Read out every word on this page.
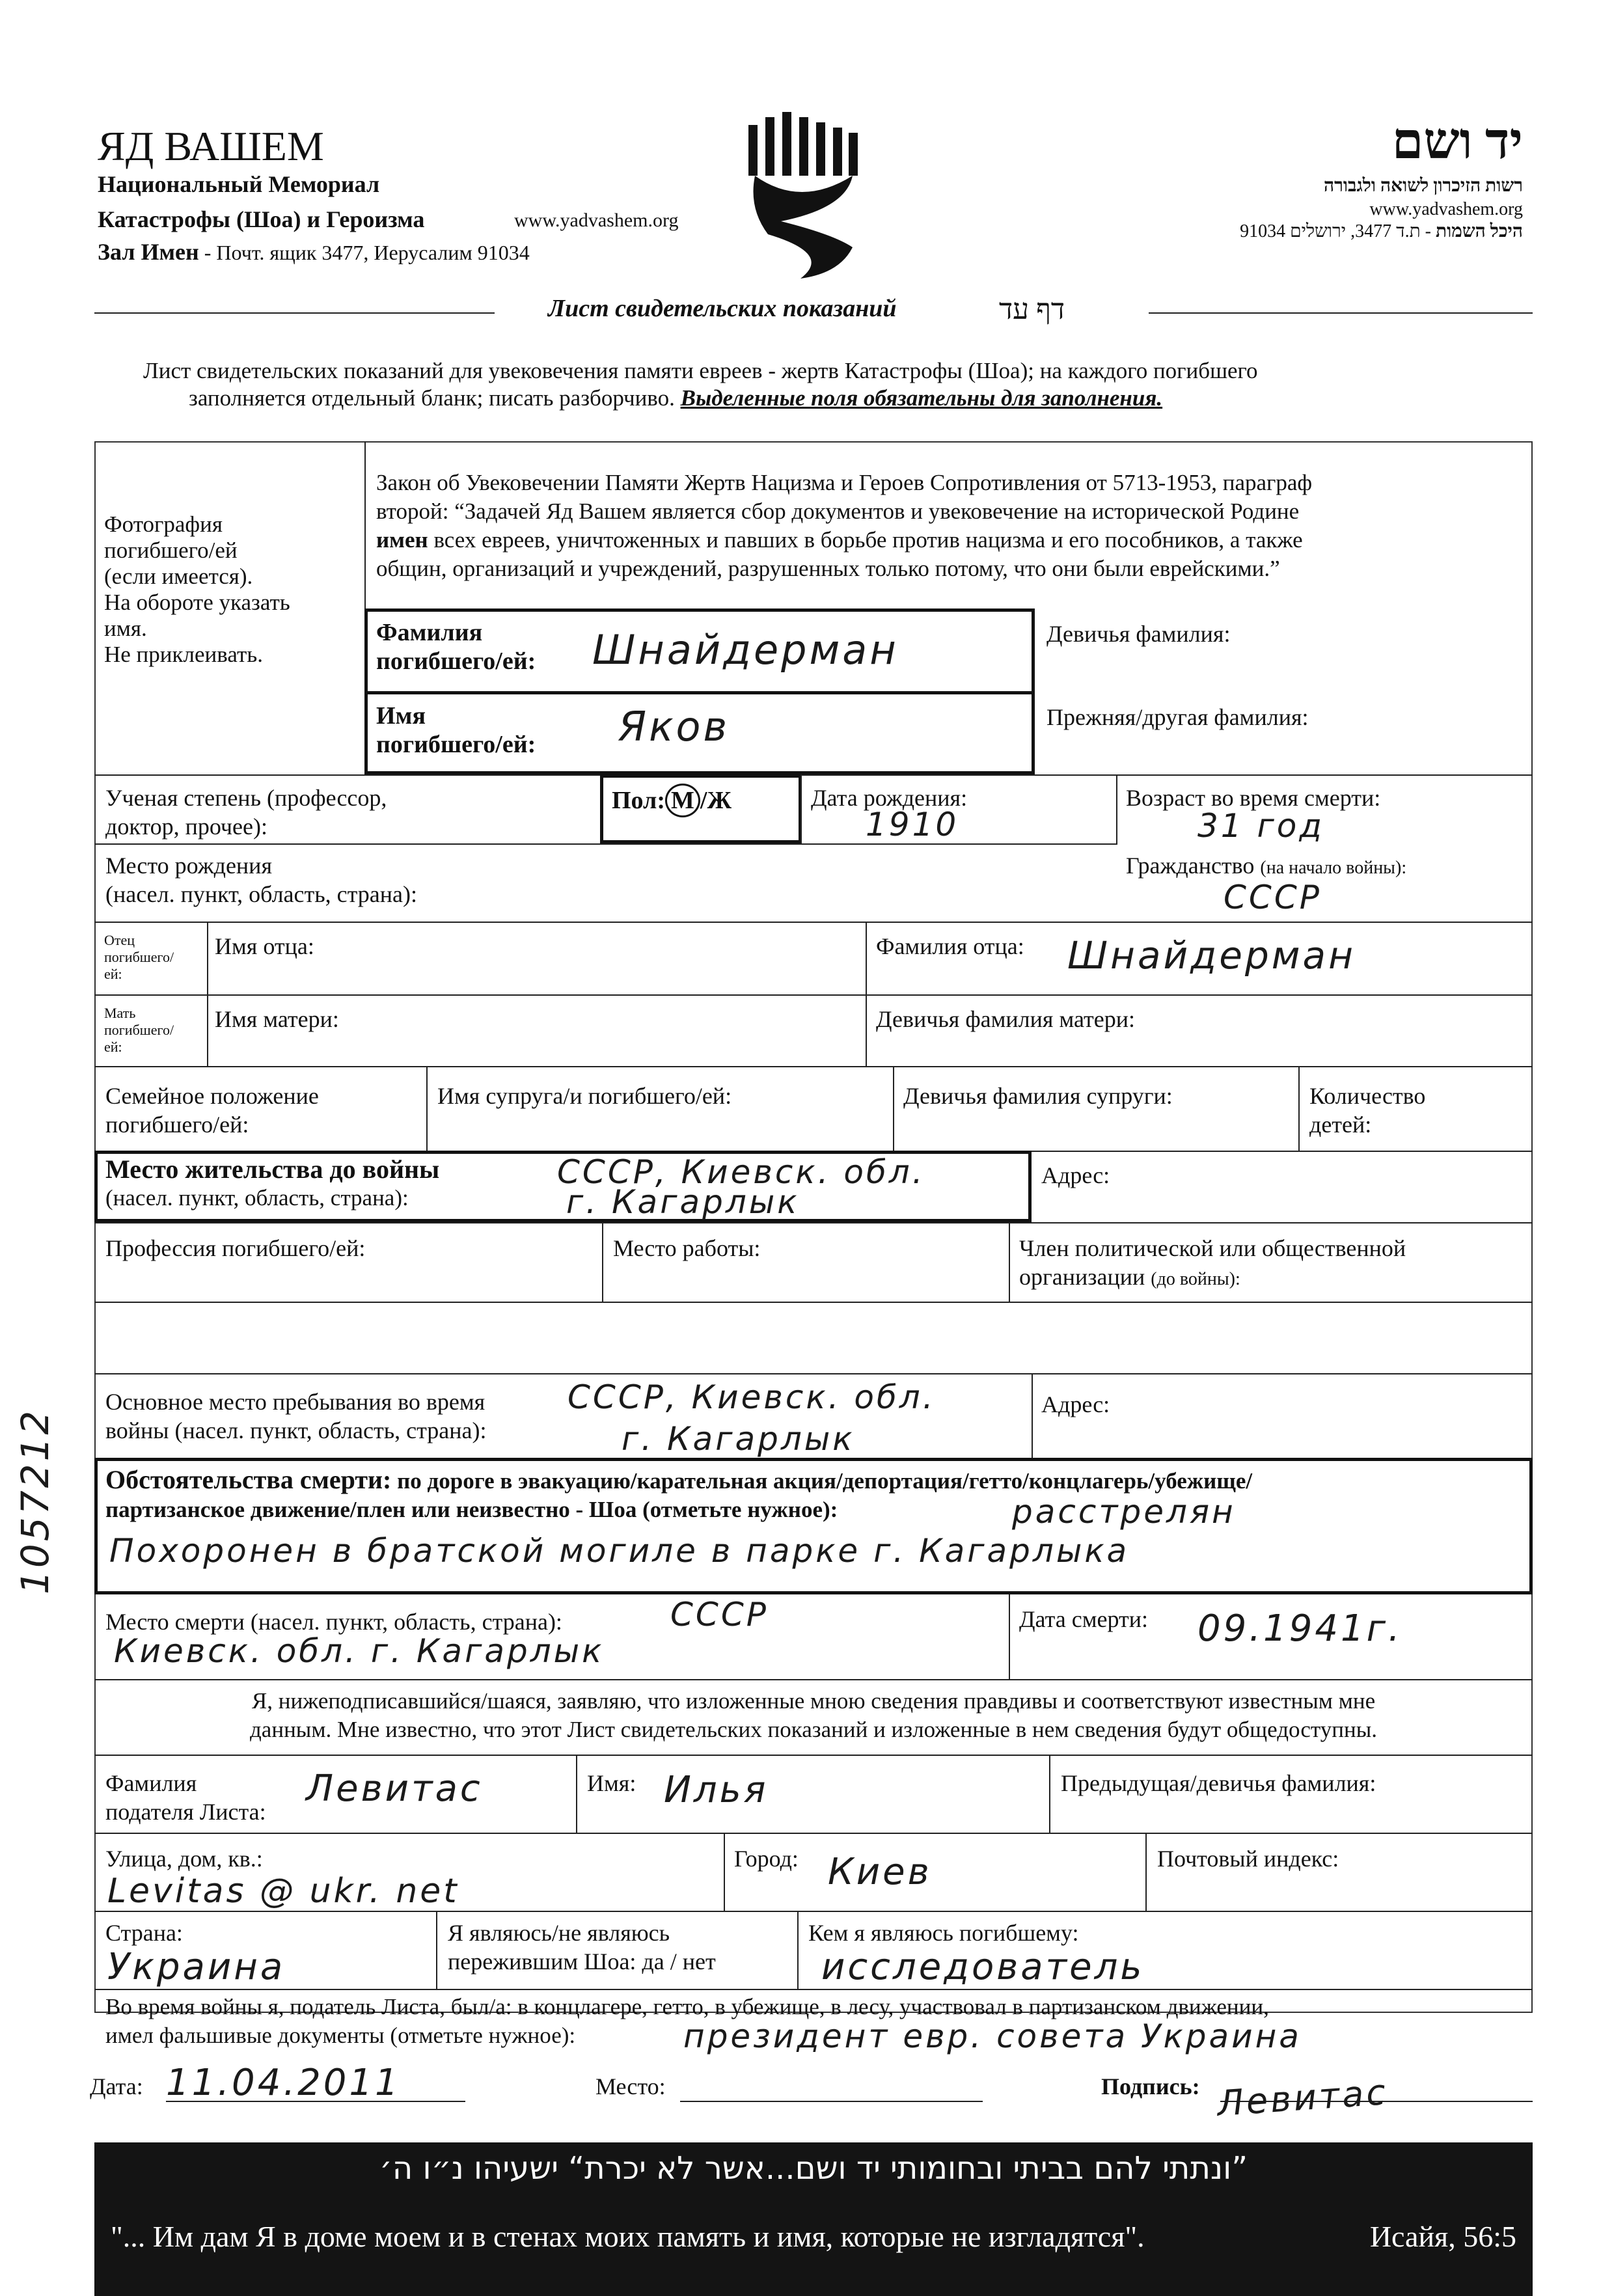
ЯД ВАШЕМ
Национальный Мемориал
Катастрофы (Шоа) и Героизма	www.yadvashem.org
Зал Имен - Почт. ящик 3477, Иерусалим 91034
יד ושם
רשות הזיכרון לשואה ולגבורה
www.yadvashem.org
היכל השמות - ת.ד 3477, ירושלים 91034
Лист свидетельских показаний	דף עד
Лист свидетельских показаний для увековечения памяти евреев - жертв Катастрофы (Шоа); на каждого погибшего
заполняется отдельный бланк; писать разборчиво. Выделенные поля обязательны для заполнения.
Фотография
погибшего/ей
(если имеется).
На обороте указать
имя.
Не приклеивать.
Закон об Увековечении Памяти Жертв Нацизма и Героев Сопротивления от 5713-1953, параграф
второй: “Задачей Яд Вашем является сбор документов и увековечение на исторической Родине
имен всех евреев, уничтоженных и павших в борьбе против нацизма и его пособников, а также
общин, организаций и учреждений, разрушенных только потому, что они были еврейскими.”
Фамилия
погибшего/ей: Шнайдерман	Девичья фамилия:
Имя
погибшего/ей: Яков	Прежняя/другая фамилия:
Ученая степень (профессор,
доктор, прочее):
Пол: М /Ж	Дата рождения:
1910
Возраст во время смерти:
31 год
Место рождения
(насел. пункт, область, страна):
Гражданство (на начало войны):
СССР
Отец
погибшего/
ей:
Имя отца:	Фамилия отца: Шнайдерман
Мать
погибшего/
ей:
Имя матери:	Девичья фамилия матери:
Семейное положение
погибшего/ей:
Имя супруга/и погибшего/ей:	Девичья фамилия супруги:	Количество
детей:
Место жительства до войны
(насел. пункт, область, страна):
СССР, Киевск. обл.
г. Кагарлык
Адрес:
Профессия погибшего/ей:	Место работы:	Член политической или общественной
организации (до войны):
Основное место пребывания во время
войны (насел. пункт, область, страна):
СССР, Киевск. обл.
г. Кагарлык
Адрес:
Обстоятельства смерти: по дороге в эвакуацию/карательная акция/депортация/гетто/концлагерь/убежище/
партизанское движение/плен или неизвестно - Шоа (отметьте нужное):	расстрелян
Похоронен в братской могиле в парке г. Кагарлыка
Место смерти (насел. пункт, область, страна):	СССР
Киевск. обл. г. Кагарлык
Дата смерти: 09.1941г.
Я, нижеподписавшийся/шаяся, заявляю, что изложенные мною сведения правдивы и соответствуют известным мне
данным. Мне известно, что этот Лист свидетельских показаний и изложенные в нем сведения будут общедоступны.
Фамилия
подателя Листа:
Левитас	Имя: Илья	Предыдущая/девичья фамилия:
Улица, дом, кв.:
Levitas @ ukr. net
Город: Киев	Почтовый индекс:
Страна:
Украина
Я являюсь/не являюсь
пережившим Шоа: да / нет
Кем я являюсь погибшему:
исследователь
Во время войны я, податель Листа, был/а: в концлагере, гетто, в убежище, в лесу, участвовал в партизанском движении,
имел фальшивые документы (отметьте нужное):	президент евр. совета Украина
Дата: 11.04.2011	Место:	Подпись: Левитас
1057212
”ונתתי להם בביתי ובחומותי יד ושם...אשר לא יכרת“ ישעיהו נ״ו ה׳
"... Им дам Я в доме моем и в стенах моих память и имя, которые не изгладятся".	Исайя, 56:5
